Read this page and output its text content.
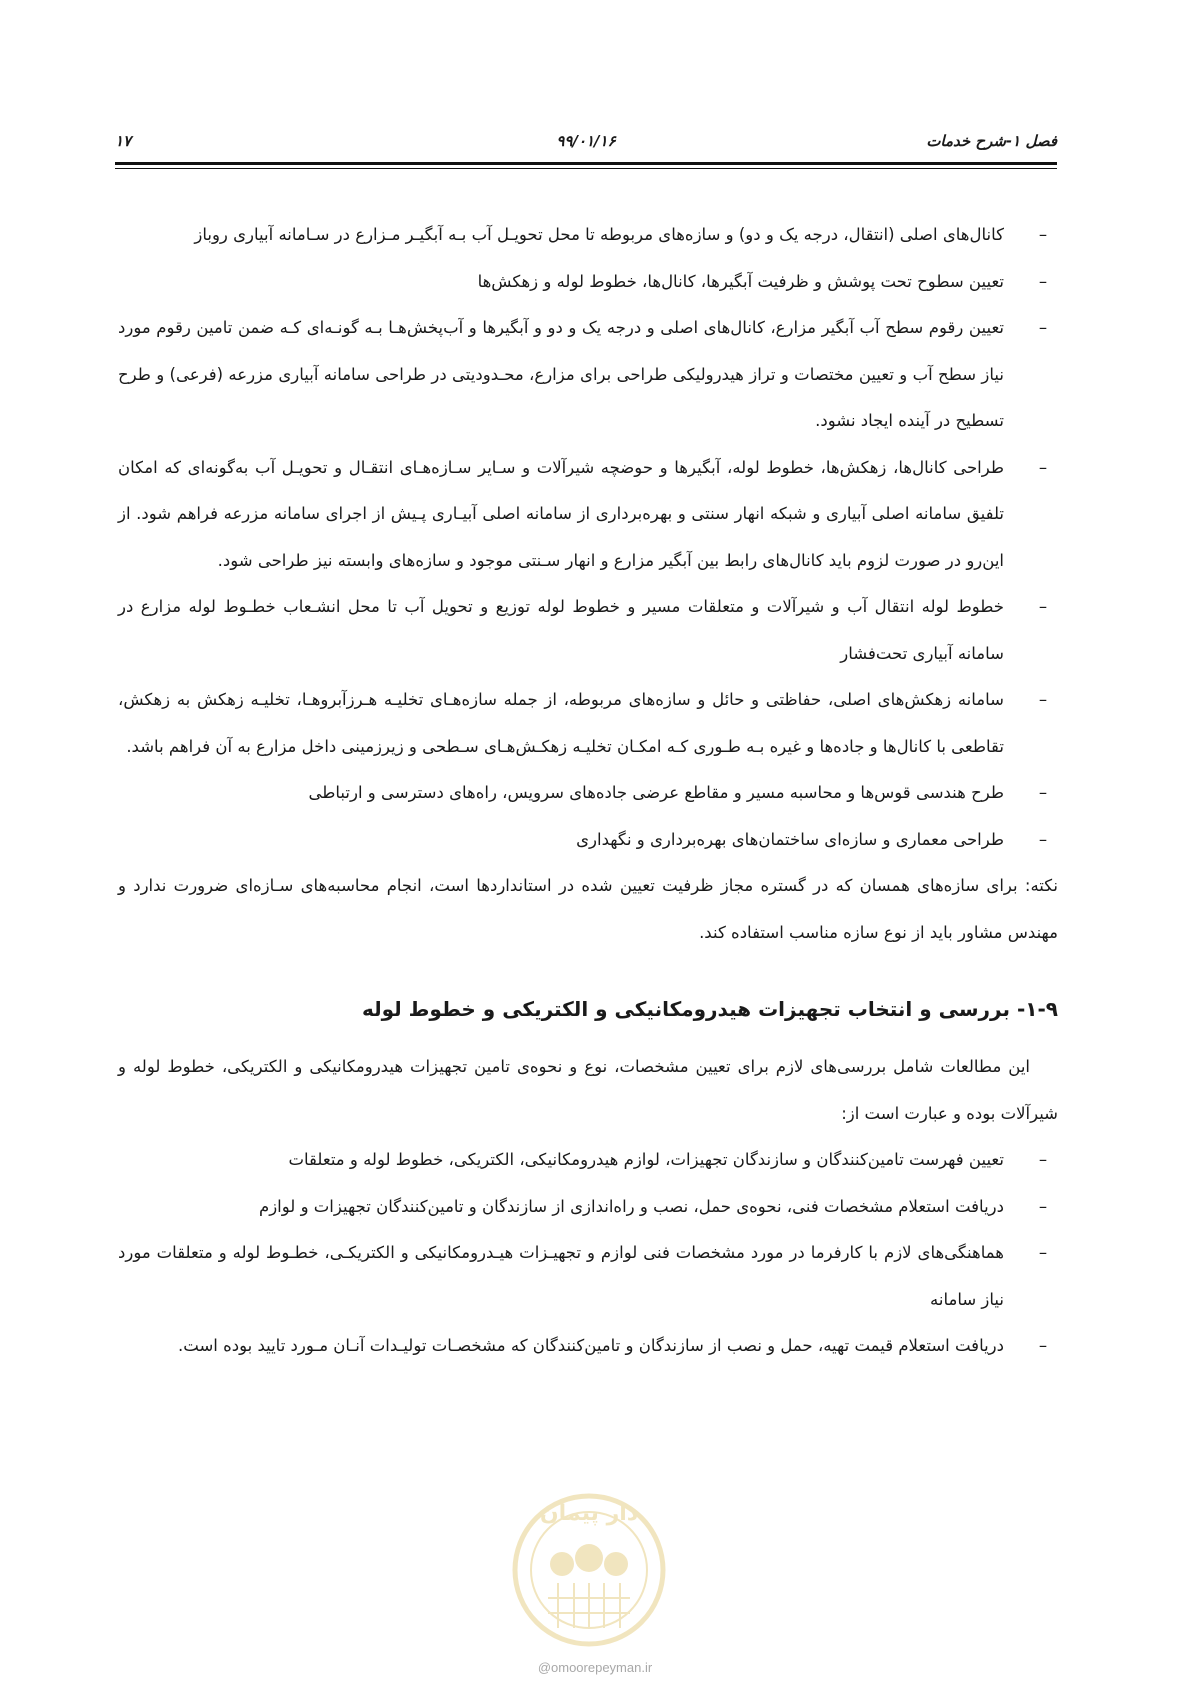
فصل ۱-شرح خدمات
۹۹/۰۱/۱۶
۱۷
–
کانال‌های اصلی (انتقال، درجه یک و دو) و سازه‌های مربوطه تا محل تحویـل آب بـه آبگیـر مـزارع در سـامانه آبیاری روباز
–
تعیین سطوح تحت پوشش و ظرفیت آبگیرها، کانال‌ها، خطوط لوله و زهکش‌ها
–
تعیین رقوم سطح آب آبگیر مزارع، کانال‌های اصلی و درجه یک و دو و آبگیرها و آب‌پخش‌هـا بـه گونـه‌ای کـه ضمن تامین رقوم مورد نیاز سطح آب و تعیین مختصات و تراز هیدرولیکی طراحی برای مزارع، محـدودیتی در طراحی سامانه آبیاری مزرعه (فرعی) و طرح تسطیح در آینده ایجاد نشود.
–
طراحی کانال‌ها، زهکش‌ها، خطوط لوله، آبگیرها و حوضچه شیرآلات و سـایر سـازه‌هـای انتقـال و تحویـل آب به‌گونه‌ای که امکان تلفیق سامانه اصلی آبیاری و شبکه انهار سنتی و بهره‌برداری از سامانه اصلی آبیـاری پـیش از اجرای سامانه مزرعه فراهم شود. از این‌رو در صورت لزوم باید کانال‌های رابط بین آبگیر مزارع و انهار سـنتی موجود و سازه‌های وابسته نیز طراحی شود.
–
خطوط لوله انتقال آب و شیرآلات و متعلقات مسیر و خطوط لوله توزیع و تحویل آب تا محل انشـعاب خطـوط لوله مزارع در سامانه آبیاری تحت‌فشار
–
سامانه زهکش‌های اصلی، حفاظتی و حائل و سازه‌های مربوطه، از جمله سازه‌هـای تخلیـه هـرزآبروهـا، تخلیـه زهکش به زهکش، تقاطعی با کانال‌ها و جاده‌ها و غیره بـه طـوری کـه امکـان تخلیـه زهکـش‌هـای سـطحی و زیرزمینی داخل مزارع به آن فراهم باشد.
–
طرح هندسی قوس‌ها و محاسبه مسیر و مقاطع عرضی جاده‌های سرویس، راه‌های دسترسی و ارتباطی
–
طراحی معماری و سازه‌ای ساختمان‌های بهره‌برداری و نگهداری

نکته: برای سازه‌های همسان که در گستره مجاز ظرفیت تعیین شده در استانداردها است، انجام محاسبه‌های سـازه‌ای ضرورت ندارد و مهندس مشاور باید از نوع سازه مناسب استفاده کند.

۱-۹- بررسی و انتخاب تجهیزات هیدرومکانیکی و الکتریکی و خطوط لوله

این مطالعات شامل بررسی‌های لازم برای تعیین مشخصات، نوع و نحوه‌ی تامین تجهیزات هیدرومکانیکی و الکتریکی، خطوط لوله و شیرآلات بوده و عبارت است از:

–
تعیین فهرست تامین‌کنندگان و سازندگان تجهیزات، لوازم هیدرومکانیکی، الکتریکی، خطوط لوله و متعلقات
–
دریافت استعلام مشخصات فنی، نحوه‌ی حمل، نصب و راه‌اندازی از سازندگان و تامین‌کنندگان تجهیزات و لوازم
–
هماهنگی‌های لازم با کارفرما در مورد مشخصات فنی لوازم و تجهیـزات هیـدرومکانیکی و الکتریکـی، خطـوط لوله و متعلقات مورد نیاز سامانه
–
دریافت استعلام قیمت تهیه، حمل و نصب از سازندگان و تامین‌کنندگان که مشخصـات تولیـدات آنـان مـورد تایید بوده است.
دار پیمان
@omoorepeyman.ir
